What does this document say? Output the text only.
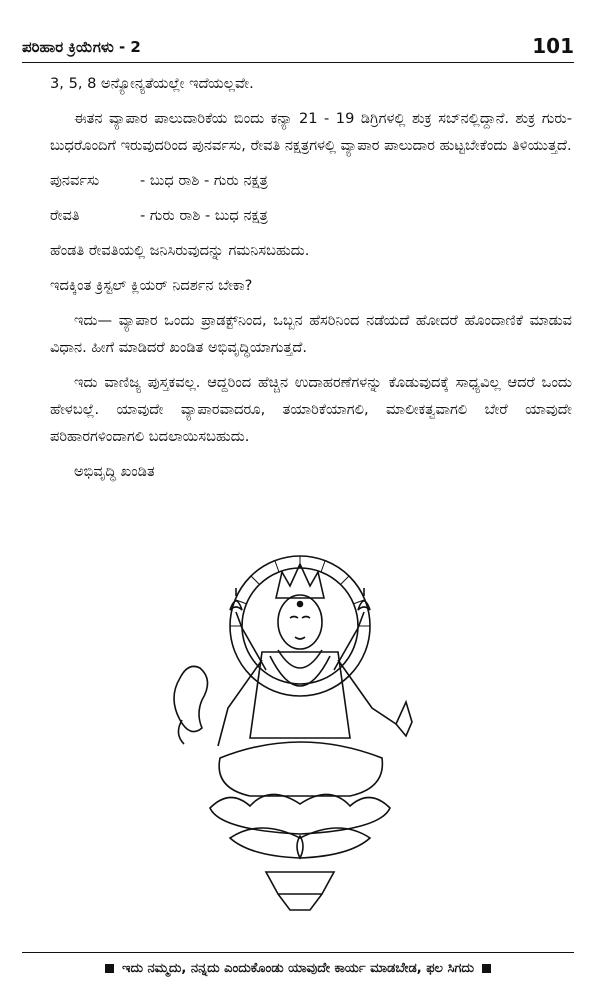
ಪರಿಹಾರ ಕ್ರಿಯೆಗಳು - 2	101

3, 5, 8 ಅನ್ಯೋನ್ಯತೆಯಲ್ಲೇ ಇದೆಯಲ್ಲವೇ.

ಈತನ ವ್ಯಾಪಾರ ಪಾಲುದಾರಿಕೆಯ ಬಿಂದು ಕನ್ಯಾ 21 - 19 ಡಿಗ್ರಿಗಳಲ್ಲಿ ಶುಕ್ರ ಸಬ್‌ನಲ್ಲಿದ್ದಾನೆ. ಶುಕ್ರ ಗುರು-ಬುಧರೊಂದಿಗೆ ಇರುವುದರಿಂದ ಪುನರ್ವಸು, ರೇವತಿ ನಕ್ಷತ್ರಗಳಲ್ಲಿ ವ್ಯಾಪಾರ ಪಾಲುದಾರ ಹುಟ್ಟಬೇಕೆಂದು ತಿಳಿಯುತ್ತದೆ.

ಪುನರ್ವಸು	- ಬುಧ ರಾಶಿ - ಗುರು ನಕ್ಷತ್ರ
ರೇವತಿ	- ಗುರು ರಾಶಿ - ಬುಧ ನಕ್ಷತ್ರ

ಹೆಂಡತಿ ರೇವತಿಯಲ್ಲಿ ಜನಿಸಿರುವುದನ್ನು ಗಮನಿಸಬಹುದು.

ಇದಕ್ಕಿಂತ ಕ್ರಿಸ್ಟಲ್ ಕ್ಲಿಯರ್ ನಿದರ್ಶನ ಬೇಕಾ?

ಇದು— ವ್ಯಾಪಾರ ಒಂದು ಪ್ರಾಡಕ್ಟ್‌ನಿಂದ, ಒಬ್ಬನ ಹೆಸರಿನಿಂದ ನಡೆಯದೆ ಹೋದರೆ ಹೊಂದಾಣಿಕೆ ಮಾಡುವ ವಿಧಾನ. ಹೀಗೆ ಮಾಡಿದರೆ ಖಂಡಿತ ಅಭಿವೃದ್ಧಿಯಾಗುತ್ತದೆ.

ಇದು ವಾಣಿಜ್ಯ ಪುಸ್ತಕವಲ್ಲ. ಆದ್ದರಿಂದ ಹೆಚ್ಚಿನ ಉದಾಹರಣೆಗಳನ್ನು ಕೊಡುವುದಕ್ಕೆ ಸಾಧ್ಯವಿಲ್ಲ ಆದರೆ ಒಂದು ಹೇಳಬಲ್ಲೆ. ಯಾವುದೇ ವ್ಯಾಪಾರವಾದರೂ, ತಯಾರಿಕೆಯಾಗಲಿ, ಮಾಲೀಕತ್ವವಾಗಲಿ ಬೇರೆ ಯಾವುದೇ ಪರಿಹಾರಗಳಿಂದಾಗಲಿ ಬದಲಾಯಿಸಬಹುದು.

ಅಭಿವೃದ್ಧಿ ಖಂಡಿತ

ಇದು ನಮ್ಮದು, ನನ್ನದು ಎಂದುಕೊಂಡು ಯಾವುದೇ ಕಾರ್ಯ ಮಾಡಬೇಡ, ಫಲ ಸಿಗದು
